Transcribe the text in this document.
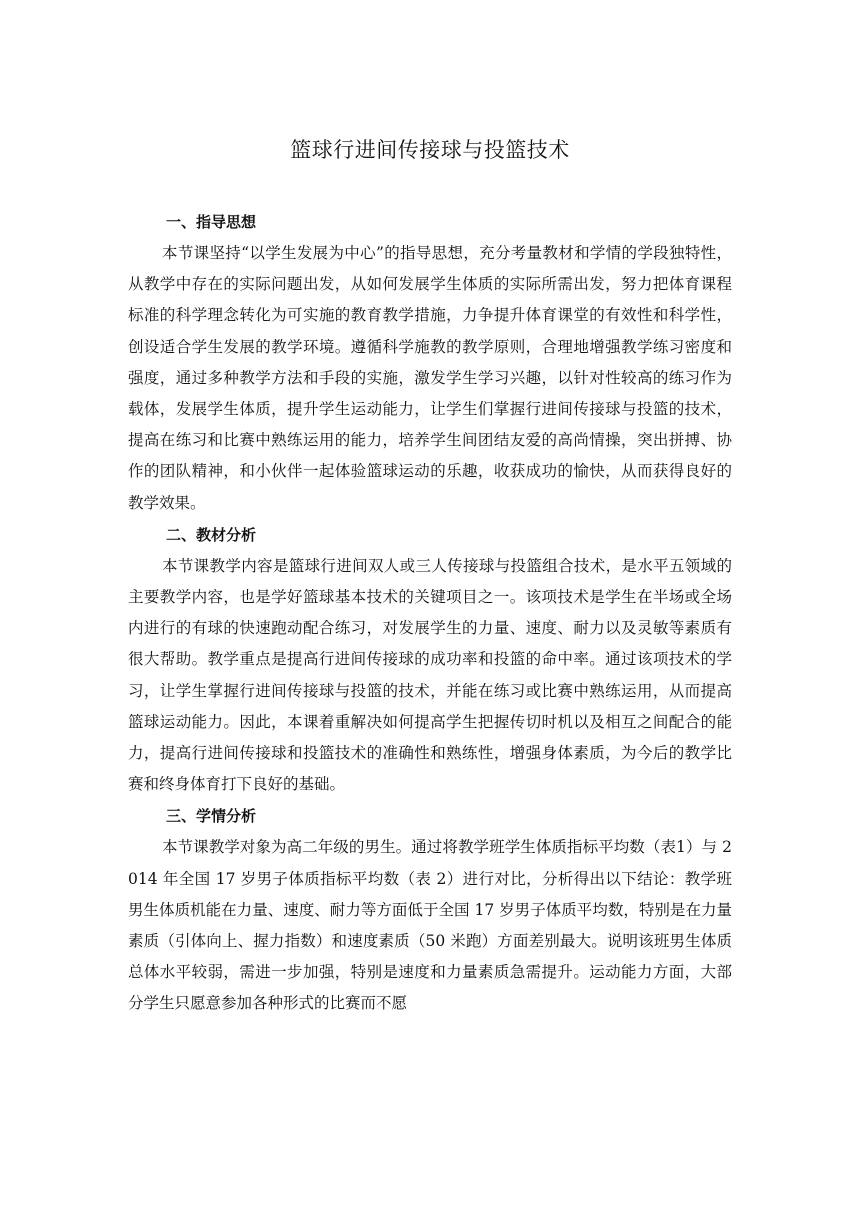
篮球行进间传接球与投篮技术
一、指导思想

本节课坚持“以学生发展为中心”的指导思想，充分考量教材和学情的学段独特性，从教学中存在的实际问题出发，从如何发展学生体质的实际所需出发，努力把体育课程标准的科学理念转化为可实施的教育教学措施，力争提升体育课堂的有效性和科学性，创设适合学生发展的教学环境。遵循科学施教的教学原则，合理地增强教学练习密度和强度，通过多种教学方法和手段的实施，激发学生学习兴趣，以针对性较高的练习作为载体，发展学生体质，提升学生运动能力，让学生们掌握行进间传接球与投篮的技术，提高在练习和比赛中熟练运用的能力，培养学生间团结友爱的高尚情操，突出拼搏、协作的团队精神，和小伙伴一起体验篮球运动的乐趣，收获成功的愉快，从而获得良好的教学效果。

二、教材分析

本节课教学内容是篮球行进间双人或三人传接球与投篮组合技术，是水平五领域的主要教学内容，也是学好篮球基本技术的关键项目之一。该项技术是学生在半场或全场内进行的有球的快速跑动配合练习，对发展学生的力量、速度、耐力以及灵敏等素质有很大帮助。教学重点是提高行进间传接球的成功率和投篮的命中率。通过该项技术的学习，让学生掌握行进间传接球与投篮的技术，并能在练习或比赛中熟练运用，从而提高篮球运动能力。因此，本课着重解决如何提高学生把握传切时机以及相互之间配合的能力，提高行进间传接球和投篮技术的准确性和熟练性，增强身体素质，为今后的教学比赛和终身体育打下良好的基础。

三、学情分析

本节课教学对象为高二年级的男生。通过将教学班学生体质指标平均数（表1）与 2014 年全国 17 岁男子体质指标平均数（表 2）进行对比，分析得出以下结论：教学班男生体质机能在力量、速度、耐力等方面低于全国 17 岁男子体质平均数，特别是在力量素质（引体向上、握力指数）和速度素质（50 米跑）方面差别最大。说明该班男生体质总体水平较弱，需进一步加强，特别是速度和力量素质急需提升。运动能力方面，大部分学生只愿意参加各种形式的比赛而不愿
